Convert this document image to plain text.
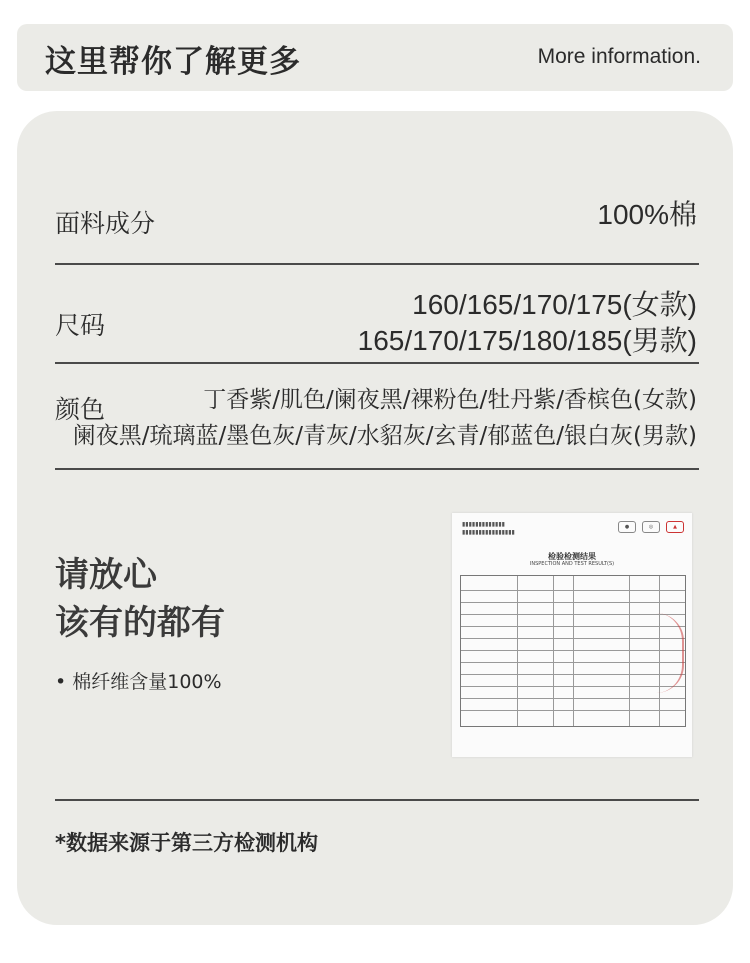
这里帮你了解更多	More information.
面料成分	100%棉
尺码
160/165/170/175(女款)
165/170/175/180/185(男款)
颜色	丁香紫/肌色/阑夜黑/裸粉色/牡丹紫/香槟色(女款)
阑夜黑/琉璃蓝/墨色灰/青灰/水貂灰/玄青/郁蓝色/银白灰(男款)
请放心
该有的都有
• 棉纤维含量100%
▮▮▮▮▮▮▮▮▮▮▮▮▮
▮▮▮▮▮▮▮▮▮▮▮▮▮▮▮▮
●	◎	▲
检验检测结果
INSPECTION AND TEST RESULT(S)
*数据来源于第三方检测机构
